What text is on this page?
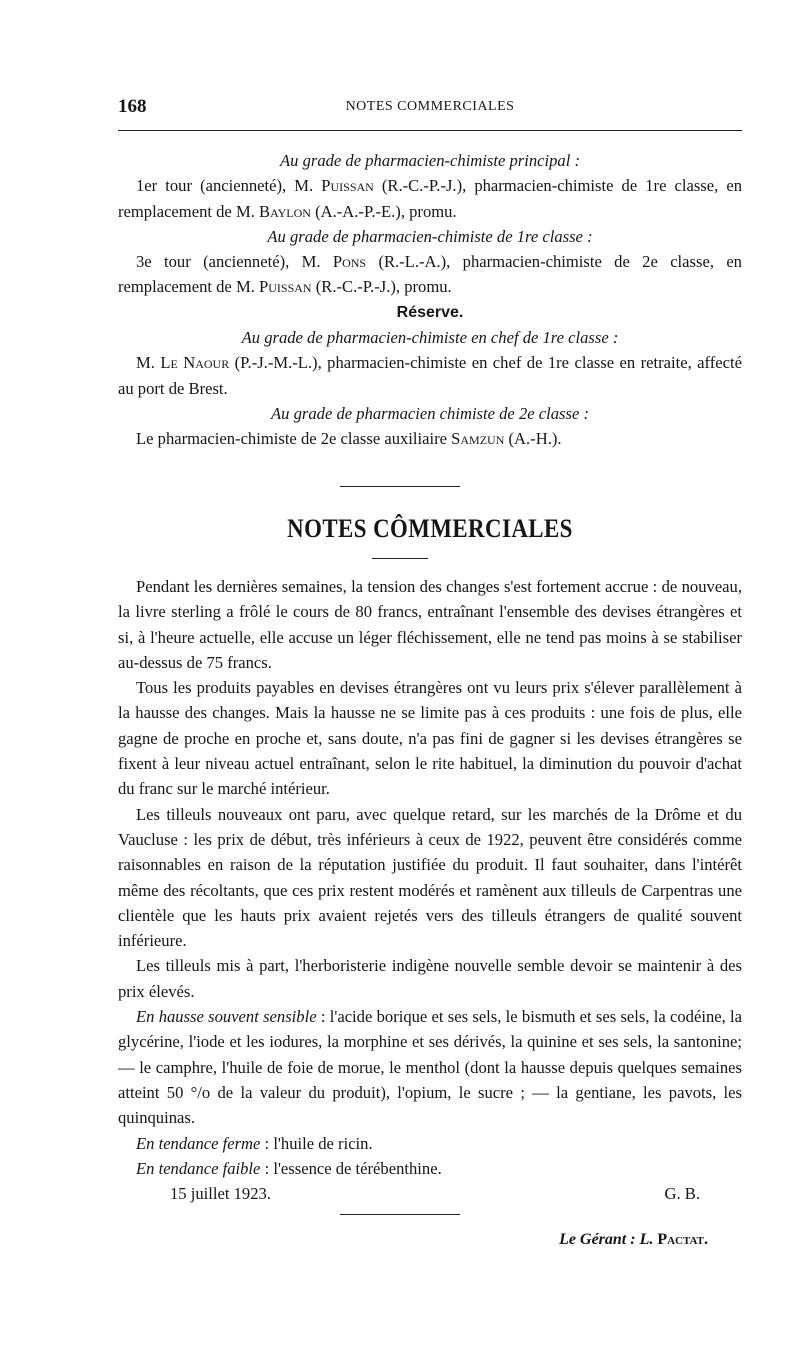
168	NOTES COMMERCIALES

Au grade de pharmacien-chimiste principal :

1er tour (ancienneté), M. Puissan (R.-C.-P.-J.), pharmacien-chimiste de 1re classe, en remplacement de M. Baylon (A.-A.-P.-E.), promu.

Au grade de pharmacien-chimiste de 1re classe :

3e tour (ancienneté), M. Pons (R.-L.-A.), pharmacien-chimiste de 2e classe, en remplacement de M. Puissan (R.-C.-P.-J.), promu.

Réserve.

Au grade de pharmacien-chimiste en chef de 1re classe :

M. Le Naour (P.-J.-M.-L.), pharmacien-chimiste en chef de 1re classe en retraite, affecté au port de Brest.

Au grade de pharmacien chimiste de 2e classe :

Le pharmacien-chimiste de 2e classe auxiliaire Samzun (A.-H.).

NOTES CÔMMERCIALES

Pendant les dernières semaines, la tension des changes s'est fortement accrue : de nouveau, la livre sterling a frôlé le cours de 80 francs, entraînant l'ensemble des devises étrangères et si, à l'heure actuelle, elle accuse un léger fléchissement, elle ne tend pas moins à se stabiliser au-dessus de 75 francs.

Tous les produits payables en devises étrangères ont vu leurs prix s'élever parallèlement à la hausse des changes. Mais la hausse ne se limite pas à ces produits : une fois de plus, elle gagne de proche en proche et, sans doute, n'a pas fini de gagner si les devises étrangères se fixent à leur niveau actuel entraînant, selon le rite habituel, la diminution du pouvoir d'achat du franc sur le marché intérieur.

Les tilleuls nouveaux ont paru, avec quelque retard, sur les marchés de la Drôme et du Vaucluse : les prix de début, très inférieurs à ceux de 1922, peuvent être considérés comme raisonnables en raison de la réputation justifiée du produit. Il faut souhaiter, dans l'intérêt même des récoltants, que ces prix restent modérés et ramènent aux tilleuls de Carpentras une clientèle que les hauts prix avaient rejetés vers des tilleuls étrangers de qualité souvent inférieure.

Les tilleuls mis à part, l'herboristerie indigène nouvelle semble devoir se maintenir à des prix élevés.

En hausse souvent sensible : l'acide borique et ses sels, le bismuth et ses sels, la codéine, la glycérine, l'iode et les iodures, la morphine et ses dérivés, la quinine et ses sels, la santonine; — le camphre, l'huile de foie de morue, le menthol (dont la hausse depuis quelques semaines atteint 50 °/o de la valeur du produit), l'opium, le sucre ; — la gentiane, les pavots, les quinquinas.

En tendance ferme : l'huile de ricin.

En tendance faible : l'essence de térébenthine.

15 juillet 1923.	G. B.
Le Gérant : L. Pactat.
